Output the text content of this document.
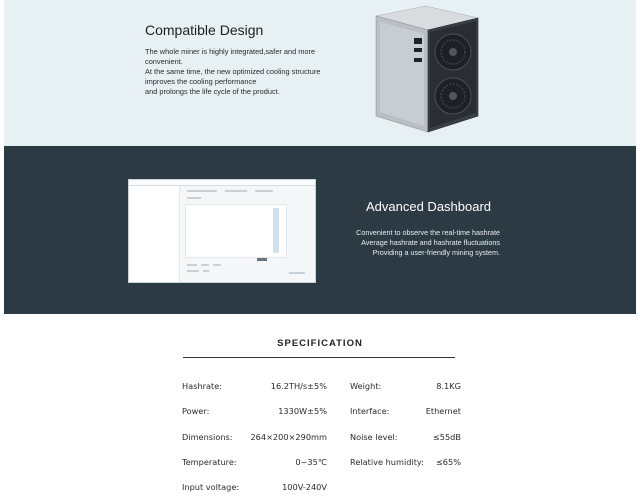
Compatible Design
The whole miner is highly integrated,safer and more
convenient.
At the same time, the new optimized cooling structure
improves the cooling performance
and prolongs the life cycle of the product.
Advanced Dashboard
Convenient to observe the real-time hashrate
Average hashrate and hashrate fluctuations
Providing a user-friendly mining system.
SPECIFICATION
Hashrate:	16.2TH/s±5%	Weight:	8.1KG
Power:	1330W±5%	Interface:	Ethernet
Dimensions: 264×200×290mm	Noise level:	≤55dB
Temperature:	0~35℃	Relative humidity: ≤65%
Input voltage:	100V-240V
